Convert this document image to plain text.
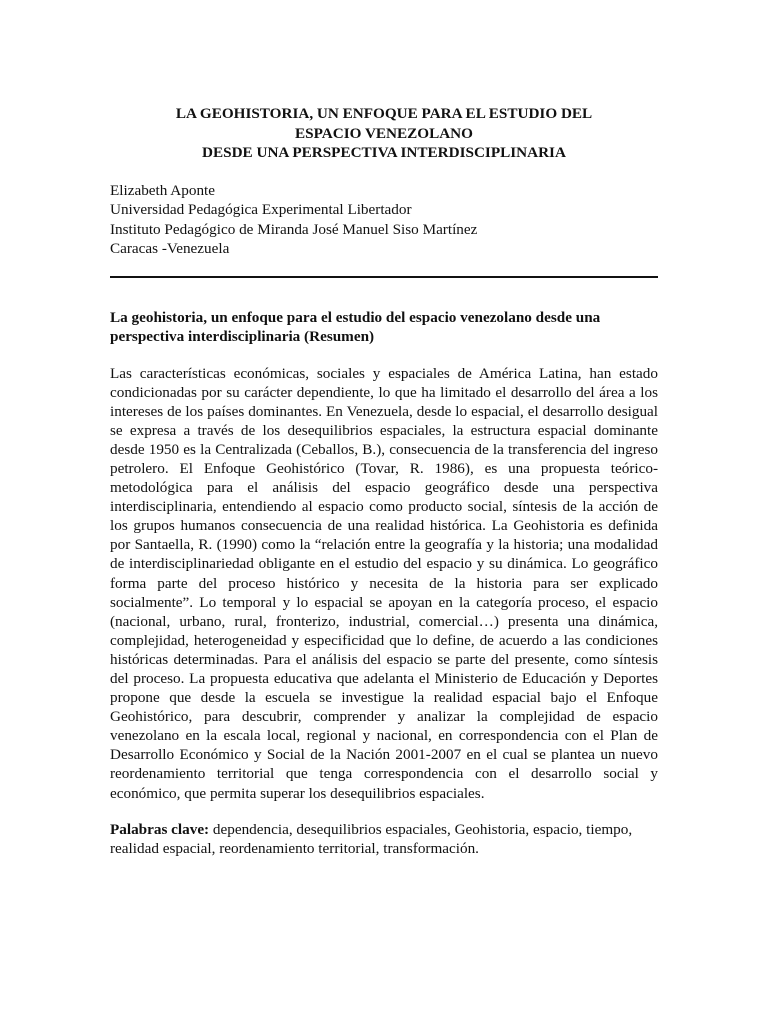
LA GEOHISTORIA, UN ENFOQUE PARA EL ESTUDIO DEL
ESPACIO VENEZOLANO
DESDE UNA PERSPECTIVA INTERDISCIPLINARIA
Elizabeth Aponte
Universidad Pedagógica Experimental Libertador
Instituto Pedagógico de Miranda José Manuel Siso Martínez
Caracas -Venezuela
La geohistoria, un enfoque para el estudio del espacio venezolano desde una perspectiva interdisciplinaria (Resumen)
Las características económicas, sociales y espaciales de América Latina, han estado condicionadas por su carácter dependiente, lo que ha limitado el desarrollo del área a los intereses de los países dominantes. En Venezuela, desde lo espacial, el desarrollo desigual se expresa a través de los desequilibrios espaciales, la estructura espacial dominante desde 1950 es la Centralizada (Ceballos, B.), consecuencia de la transferencia del ingreso petrolero. El Enfoque Geohistórico (Tovar, R. 1986), es una propuesta teórico-metodológica para el análisis del espacio geográfico desde una perspectiva interdisciplinaria, entendiendo al espacio como producto social, síntesis de la acción de los grupos humanos consecuencia de una realidad histórica. La Geohistoria es definida por Santaella, R. (1990) como la “relación entre la geografía y la historia; una modalidad de interdisciplinariedad obligante en el estudio del espacio y su dinámica. Lo geográfico forma parte del proceso histórico y necesita de la historia para ser explicado socialmente”. Lo temporal y lo espacial se apoyan en la categoría proceso, el espacio (nacional, urbano, rural, fronterizo, industrial, comercial…) presenta una dinámica, complejidad, heterogeneidad y especificidad que lo define, de acuerdo a las condiciones históricas determinadas. Para el análisis del espacio se parte del presente, como síntesis del proceso. La propuesta educativa que adelanta el Ministerio de Educación y Deportes propone que desde la escuela se investigue la realidad espacial bajo el Enfoque Geohistórico, para descubrir, comprender y analizar la complejidad de espacio venezolano en la escala local, regional y nacional, en correspondencia con el Plan de Desarrollo Económico y Social de la Nación 2001-2007 en el cual se plantea un nuevo reordenamiento territorial que tenga correspondencia con el desarrollo social y económico, que permita superar los desequilibrios espaciales.
Palabras clave: dependencia, desequilibrios espaciales, Geohistoria, espacio, tiempo, realidad espacial, reordenamiento territorial, transformación.
